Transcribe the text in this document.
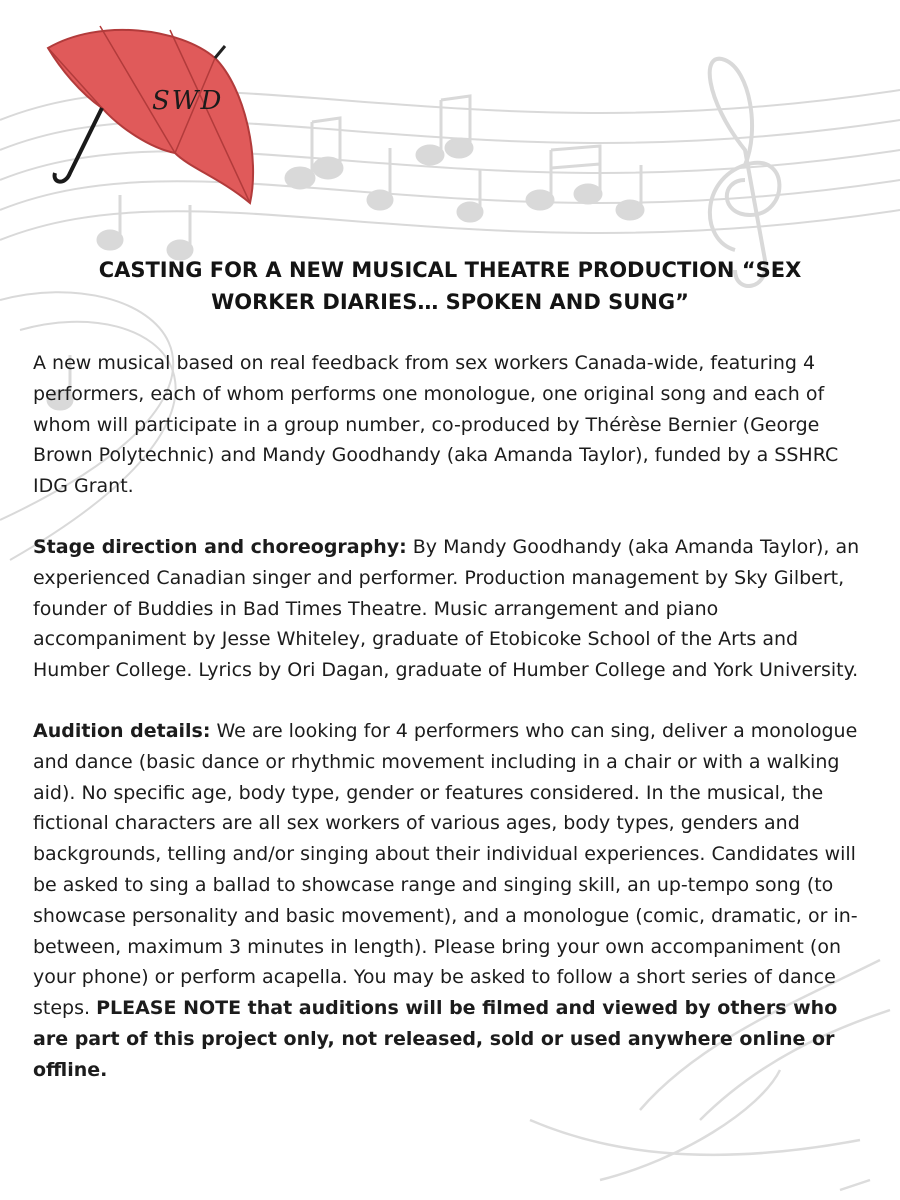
SWD
CASTING FOR A NEW MUSICAL THEATRE PRODUCTION “SEX WORKER DIARIES… SPOKEN AND SUNG”

A new musical based on real feedback from sex workers Canada-wide, featuring 4 performers, each of whom performs one monologue, one original song and each of whom will participate in a group number, co-produced by Thérèse Bernier (George Brown Polytechnic) and Mandy Goodhandy (aka Amanda Taylor), funded by a SSHRC IDG Grant.

Stage direction and choreography: By Mandy Goodhandy (aka Amanda Taylor), an experienced Canadian singer and performer. Production management by Sky Gilbert, founder of Buddies in Bad Times Theatre. Music arrangement and piano accompaniment by Jesse Whiteley, graduate of Etobicoke School of the Arts and Humber College. Lyrics by Ori Dagan, graduate of Humber College and York University.

Audition details: We are looking for 4 performers who can sing, deliver a monologue and dance (basic dance or rhythmic movement including in a chair or with a walking aid). No specific age, body type, gender or features considered. In the musical, the fictional characters are all sex workers of various ages, body types, genders and backgrounds, telling and/or singing about their individual experiences. Candidates will be asked to sing a ballad to showcase range and singing skill, an up-tempo song (to showcase personality and basic movement), and a monologue (comic, dramatic, or in- between, maximum 3 minutes in length). Please bring your own accompaniment (on your phone) or perform acapella. You may be asked to follow a short series of dance steps. PLEASE NOTE that auditions will be filmed and viewed by others who are part of this project only, not released, sold or used anywhere online or offline.
